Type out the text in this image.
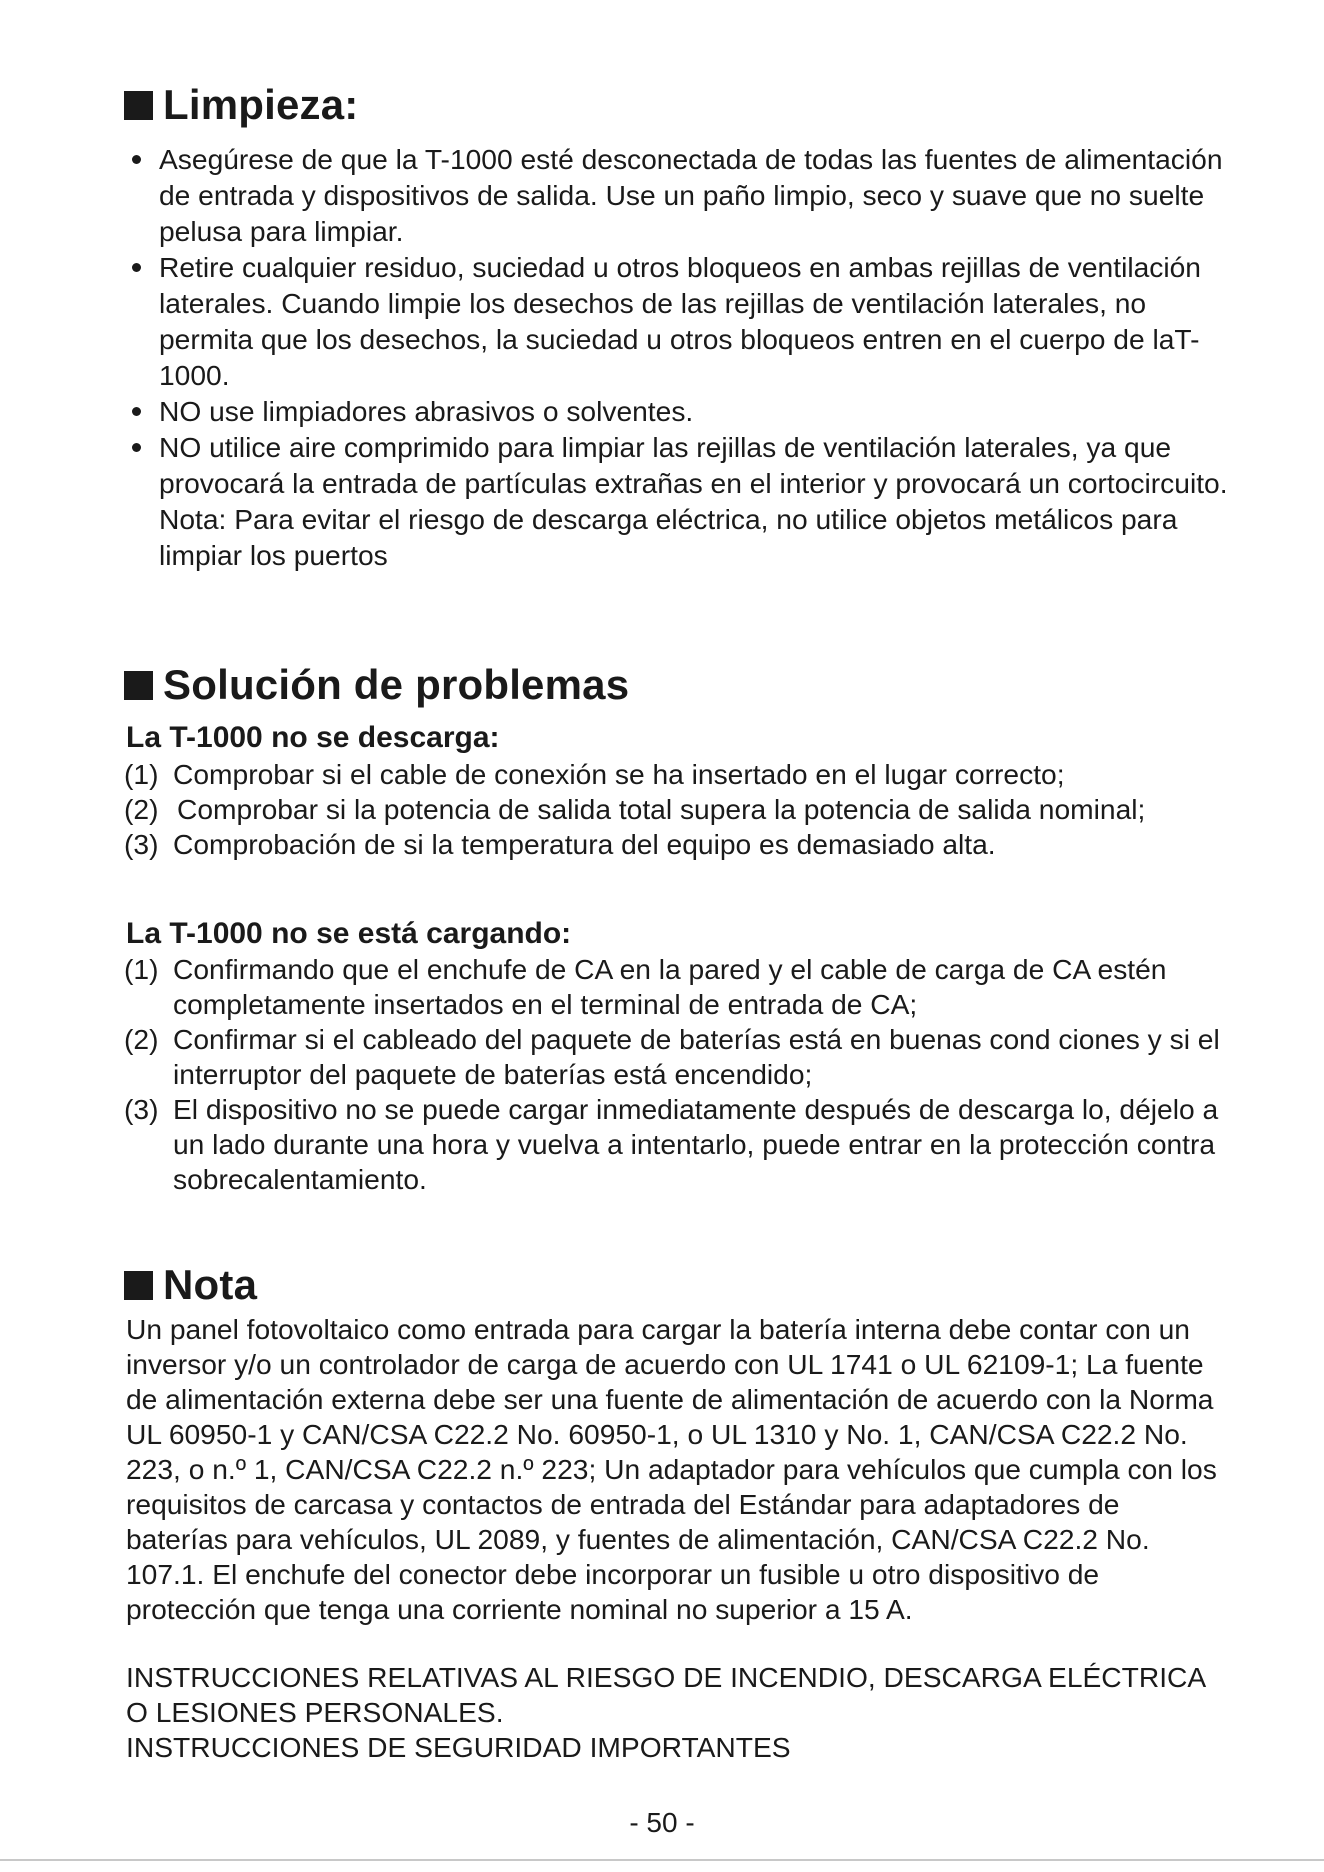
Limpieza:
Asegúrese de que la T-1000 esté desconectada de todas las fuentes de alimentación de entrada y dispositivos de salida. Use un paño limpio, seco y suave que no suelte pelusa para limpiar.
Retire cualquier residuo, suciedad u otros bloqueos en ambas rejillas de ventilación laterales. Cuando limpie los desechos de las rejillas de ventilación laterales, no permita que los desechos, la suciedad u otros bloqueos entren en el cuerpo de laT-1000.
NO use limpiadores abrasivos o solventes.
NO utilice aire comprimido para limpiar las rejillas de ventilación laterales, ya que provocará la entrada de partículas extrañas en el interior y provocará un cortocircuito. Nota: Para evitar el riesgo de descarga eléctrica, no utilice objetos metálicos para limpiar los puertos
Solución de problemas
La T-1000 no se descarga:
(1) Comprobar si el cable de conexión se ha insertado en el lugar correcto;
(2) Comprobar si la potencia de salida total supera la potencia de salida nominal;
(3) Comprobación de si la temperatura del equipo es demasiado alta.
La T-1000 no se está cargando:
(1) Confirmando que el enchufe de CA en la pared y el cable de carga de CA estén completamente insertados en el terminal de entrada de CA;
(2) Confirmar si el cableado del paquete de baterías está en buenas cond ciones y si el interruptor del paquete de baterías está encendido;
(3) El dispositivo no se puede cargar inmediatamente después de descarga lo, déjelo a un lado durante una hora y vuelva a intentarlo, puede entrar en la protección contra sobrecalentamiento.
Nota

Un panel fotovoltaico como entrada para cargar la batería interna debe contar con un inversor y/o un controlador de carga de acuerdo con UL 1741 o UL 62109-1; La fuente de alimentación externa debe ser una fuente de alimentación de acuerdo con la Norma UL 60950-1 y CAN/CSA C22.2 No. 60950-1, o UL 1310 y No. 1, CAN/CSA C22.2 No. 223, o n.º 1, CAN/CSA C22.2 n.º 223; Un adaptador para vehículos que cumpla con los requisitos de carcasa y contactos de entrada del Estándar para adaptadores de baterías para vehículos, UL 2089, y fuentes de alimentación, CAN/CSA C22.2 No. 107.1. El enchufe del conector debe incorporar un fusible u otro dispositivo de protección que tenga una corriente nominal no superior a 15 A.

INSTRUCCIONES RELATIVAS AL RIESGO DE INCENDIO, DESCARGA ELÉCTRICA O LESIONES PERSONALES.

INSTRUCCIONES DE SEGURIDAD IMPORTANTES

- 50 -
